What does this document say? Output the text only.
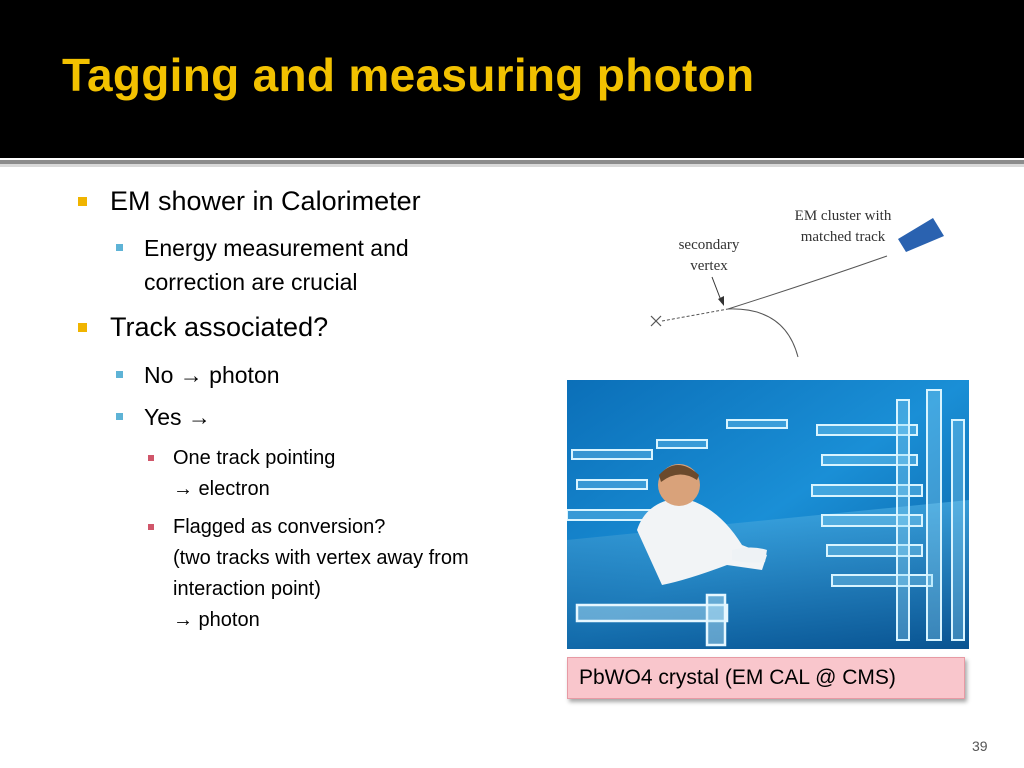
Tagging and measuring photon
EM shower in Calorimeter
Energy measurement and
correction are crucial
Track associated?
No → photon
Yes →
One track pointing
→ electron
Flagged as conversion?
(two tracks with vertex away from
interaction point)
→ photon
secondary
vertex
EM cluster with
matched track
PbWO4 crystal (EM CAL @ CMS)
39
